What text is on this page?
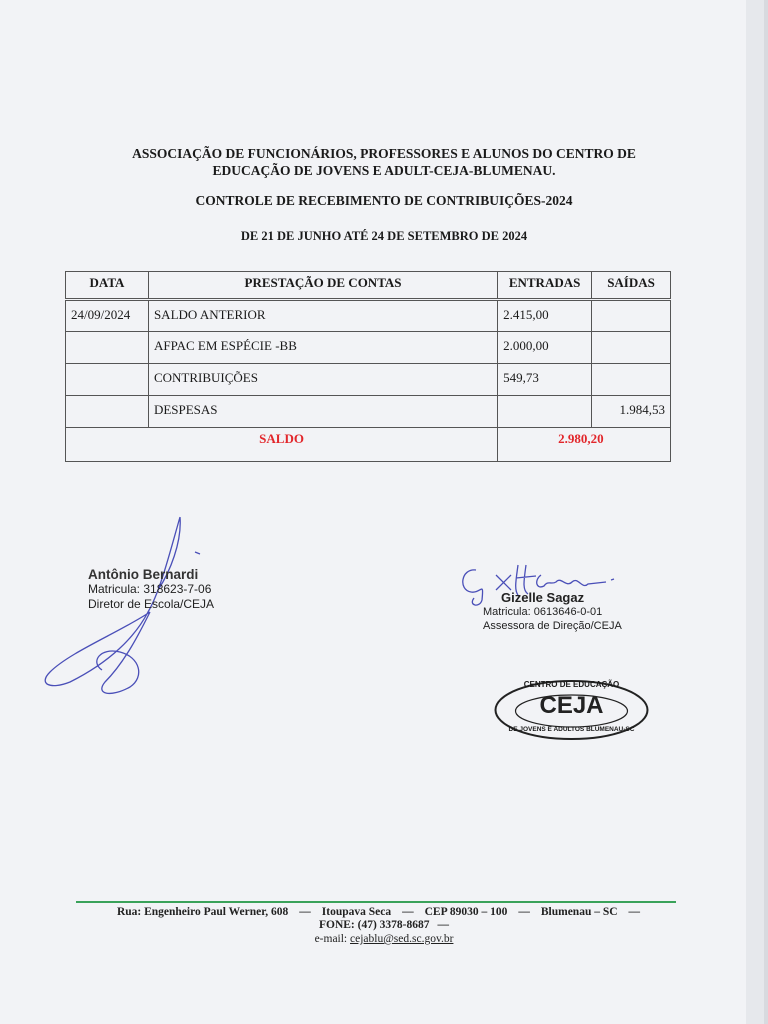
ASSOCIAÇÃO DE FUNCIONÁRIOS, PROFESSORES E ALUNOS DO CENTRO DE
EDUCAÇÃO DE JOVENS E ADULT-CEJA-BLUMENAU.
CONTROLE DE RECEBIMENTO DE CONTRIBUIÇÕES-2024
DE 21 DE JUNHO ATÉ 24 DE SETEMBRO DE 2024
DATA	PRESTAÇÃO DE CONTAS	ENTRADAS	SAÍDAS
24/09/2024	SALDO ANTERIOR	2.415,00	
	AFPAC EM ESPÉCIE -BB	2.000,00	
	CONTRIBUIÇÕES	549,73	
	DESPESAS		1.984,53
SALDO		2.980,20	
Antônio Bernardi
Matricula: 318623-7-06
Diretor de Escola/CEJA	Gizelle Sagaz
Matricula: 0613646-0-01
Assessora de Direção/CEJA
CENTRO DE EDUCAÇÃO
CEJA
DE JOVENS E ADULTOS BLUMENAU-SC
Rua: Engenheiro Paul Werner, 608 — Itoupava Seca — CEP 89030 – 100 — Blumenau – SC —
FONE: (47) 3378-8687 —
e-mail: cejablu@sed.sc.gov.br
